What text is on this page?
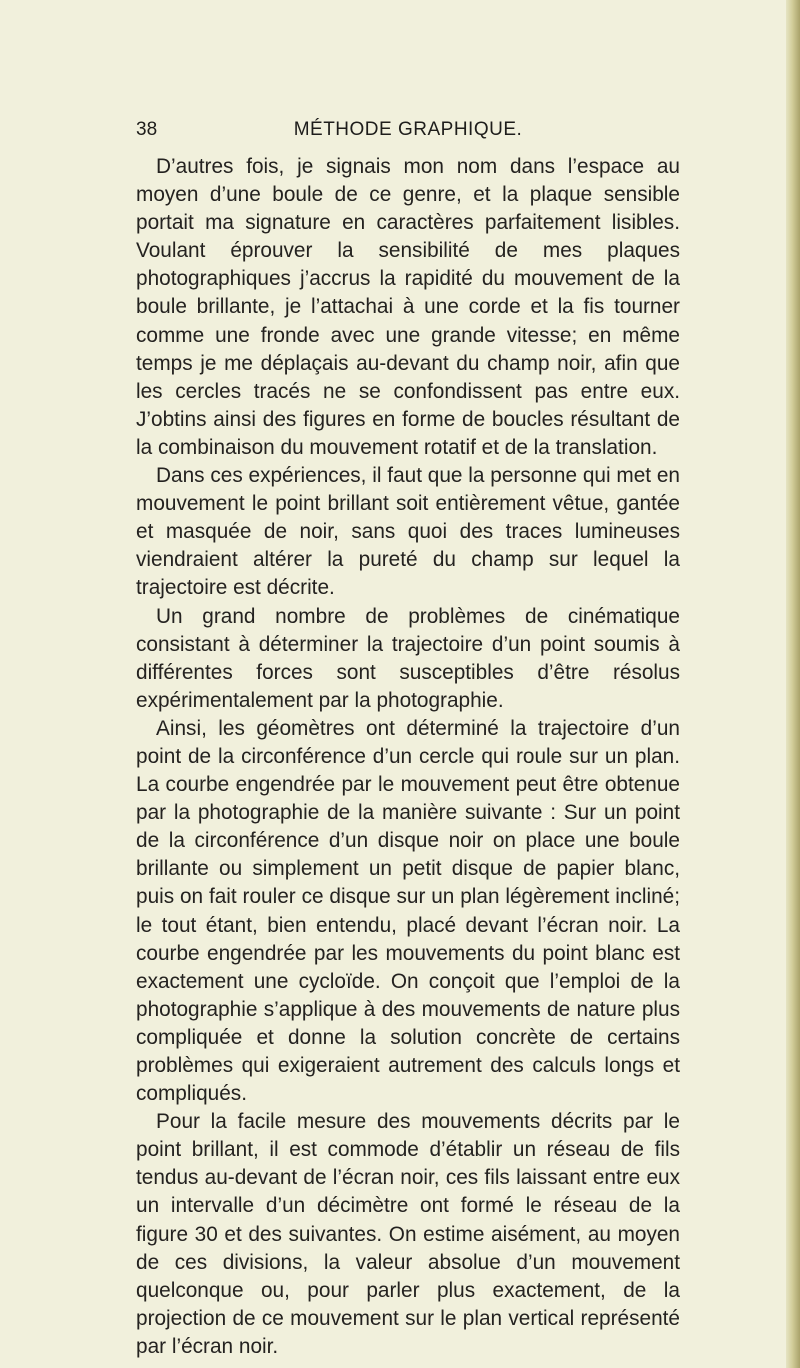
38	MÉTHODE GRAPHIQUE.

D’autres fois, je signais mon nom dans l’espace au moyen d’une boule de ce genre, et la plaque sensible portait ma signature en caractères parfaitement lisibles. Voulant éprouver la sensibilité de mes plaques photographiques j’accrus la rapidité du mouvement de la boule brillante, je l’attachai à une corde et la fis tourner comme une fronde avec une grande vitesse; en même temps je me déplaçais au-devant du champ noir, afin que les cercles tracés ne se confondissent pas entre eux. J’obtins ainsi des figures en forme de boucles résultant de la combinaison du mouvement rotatif et de la translation.

Dans ces expériences, il faut que la personne qui met en mouvement le point brillant soit entièrement vêtue, gantée et masquée de noir, sans quoi des traces lumineuses viendraient altérer la pureté du champ sur lequel la trajectoire est décrite.

Un grand nombre de problèmes de cinématique consistant à déterminer la trajectoire d’un point soumis à différentes forces sont susceptibles d’être résolus expérimentalement par la photographie.

Ainsi, les géomètres ont déterminé la trajectoire d’un point de la circonférence d’un cercle qui roule sur un plan. La courbe engendrée par le mouvement peut être obtenue par la photographie de la manière suivante : Sur un point de la circonférence d’un disque noir on place une boule brillante ou simplement un petit disque de papier blanc, puis on fait rouler ce disque sur un plan légèrement incliné; le tout étant, bien entendu, placé devant l’écran noir. La courbe engendrée par les mouvements du point blanc est exactement une cycloïde. On conçoit que l’emploi de la photographie s’applique à des mouvements de nature plus compliquée et donne la solution concrète de certains problèmes qui exigeraient autrement des calculs longs et compliqués.

Pour la facile mesure des mouvements décrits par le point brillant, il est commode d’établir un réseau de fils tendus au-devant de l’écran noir, ces fils laissant entre eux un intervalle d’un décimètre ont formé le réseau de la figure 30 et des suivantes. On estime aisément, au moyen de ces divisions, la valeur absolue d’un mouvement quelconque ou, pour parler plus exactement, de la projection de ce mouvement sur le plan vertical représenté par l’écran noir.
